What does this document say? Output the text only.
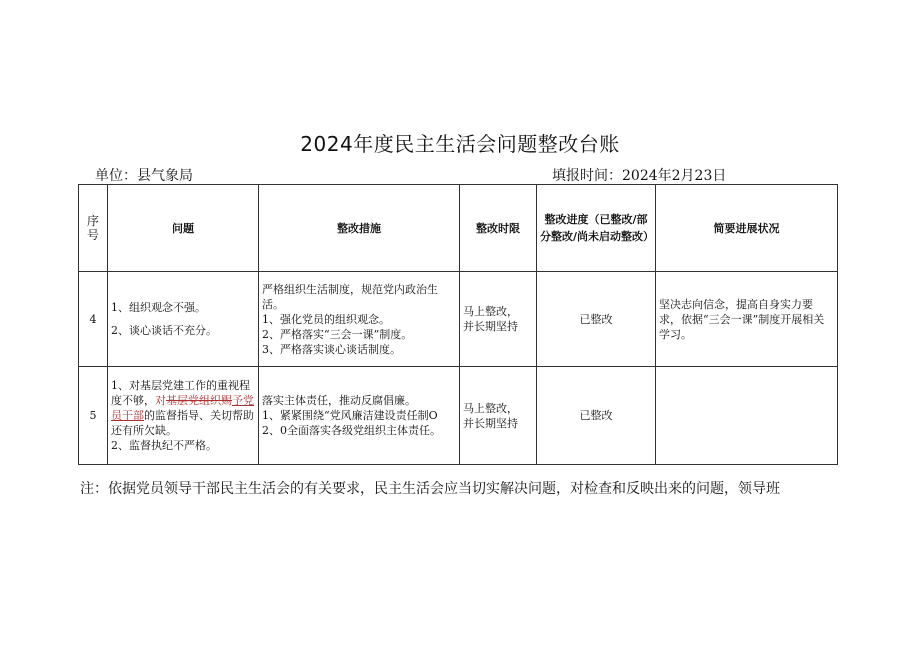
2024年度民主生活会问题整改台账
单位：县气象局	填报时间：2024年2月23日
序号	问题	整改措施	整改时限	整改进度（已整改/部分整改/尚未启动整改）	简要进展状况
4	1、组织观念不强。
2、谈心谈话不充分。	严格组织生活制度，规范党内政治生活。
1、强化党员的组织观念。
2、严格落实“三会一课”制度。
3、严格落实谈心谈话制度。	马上整改，
并长期坚持	已整改	坚决志向信念，提高自身实力要求，依据“三会一课”制度开展相关学习。
5	1、对基层党建工作的重视程度不够，对基层党组织赐予党员干部的监督指导、关切帮助还有所欠缺。
2、监督执纪不严格。	落实主体责任，推动反腐倡廉。
1、紧紧围绕“党风廉洁建设责任制O
2、0全面落实各级党组织主体责任。	马上整改，
并长期坚持	已整改	
注：依据党员领导干部民主生活会的有关要求，民主生活会应当切实解决问题，对检查和反映出来的问题，领导班
